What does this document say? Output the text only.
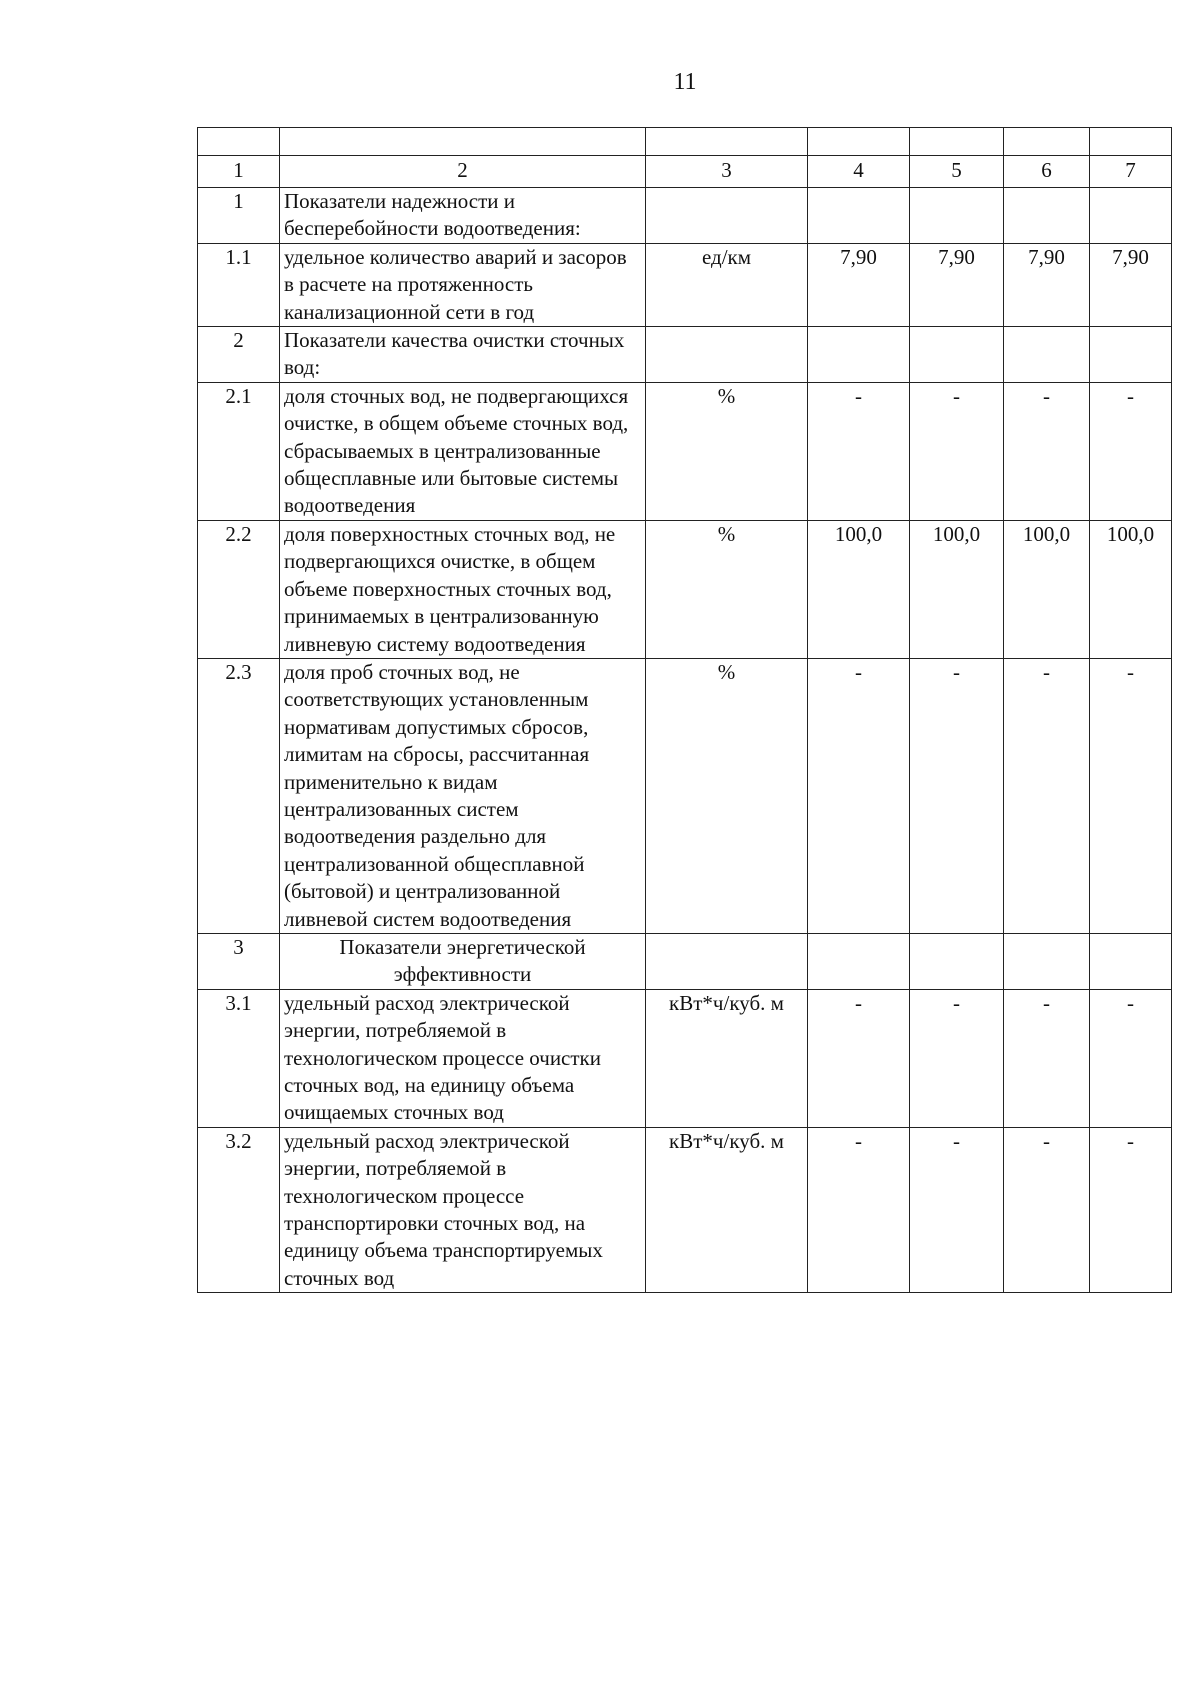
11

1	2	3	4	5	6	7
1	Показатели надежности и бесперебойности водоотведения:					
1.1	удельное количество аварий и засоров в расчете на протяженность канализационной сети в год	ед/км	7,90	7,90	7,90	7,90
2	Показатели качества очистки сточных вод:					
2.1	доля сточных вод, не подвергающихся очистке, в общем объеме сточных вод, сбрасываемых в централизованные общесплавные или бытовые системы водоотведения	%	-	-	-	-
2.2	доля поверхностных сточных вод, не подвергающихся очистке, в общем объеме поверхностных сточных вод, принимаемых в централизованную ливневую систему водоотведения	%	100,0	100,0	100,0	100,0
2.3	доля проб сточных вод, не соответствующих установленным нормативам допустимых сбросов, лимитам на сбросы, рассчитанная применительно к видам централизованных систем водоотведения раздельно для централизованной общесплавной (бытовой) и централизованной ливневой систем водоотведения	%	-	-	-	-
3	Показатели энергетической эффективности					
3.1	удельный расход электрической энергии, потребляемой в технологическом процессе очистки сточных вод, на единицу объема очищаемых сточных вод	кВт*ч/куб. м	-	-	-	-
3.2	удельный расход электрической энергии, потребляемой в технологическом процессе транспортировки сточных вод, на единицу объема транспортируемых сточных вод	кВт*ч/куб. м	-	-	-	-
